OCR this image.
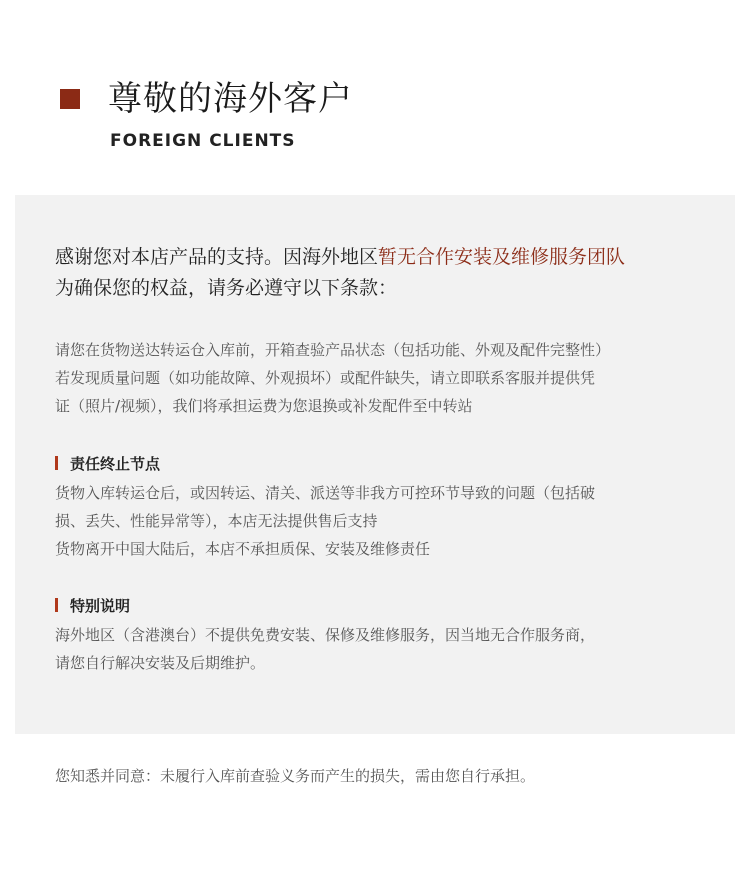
尊敬的海外客户
FOREIGN CLIENTS
感谢您对本店产品的支持。因海外地区暂无合作安装及维修服务团队
为确保您的权益，请务必遵守以下条款：
请您在货物送达转运仓入库前，开箱查验产品状态（包括功能、外观及配件完整性）
若发现质量问题（如功能故障、外观损坏）或配件缺失，请立即联系客服并提供凭
证（照片/视频），我们将承担运费为您退换或补发配件至中转站
责任终止节点
货物入库转运仓后，或因转运、清关、派送等非我方可控环节导致的问题（包括破
损、丢失、性能异常等），本店无法提供售后支持
货物离开中国大陆后，本店不承担质保、安装及维修责任
特别说明
海外地区（含港澳台）不提供免费安装、保修及维修服务，因当地无合作服务商，
请您自行解决安装及后期维护。
您知悉并同意：未履行入库前查验义务而产生的损失，需由您自行承担。
